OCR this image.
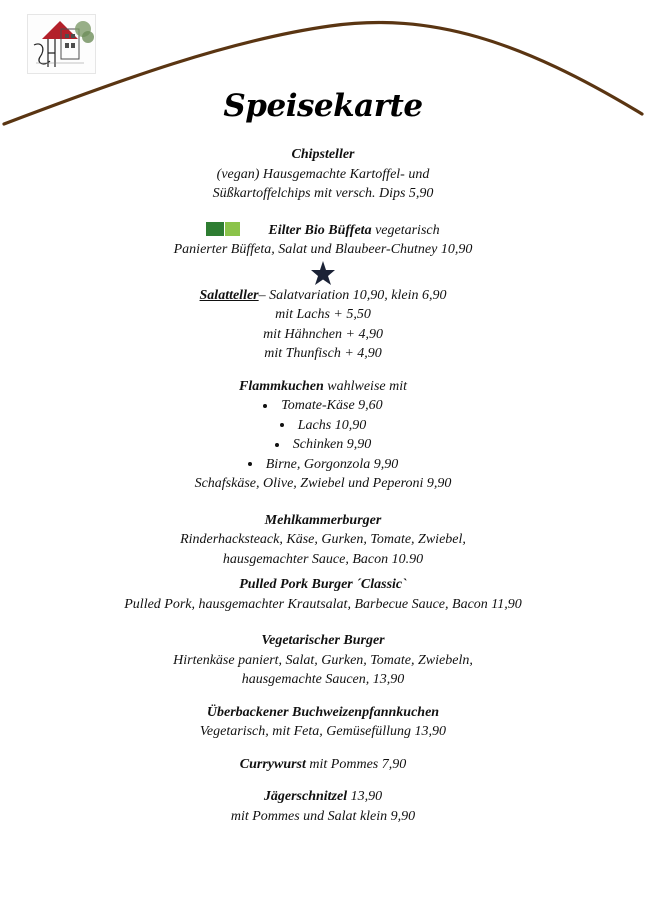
Speisekarte
Chipsteller
(vegan) Hausgemachte Kartoffel- und
Süßkartoffelchips mit versch. Dips 5,90
Eilter Bio Büffeta vegetarisch
Panierter Büffeta, Salat und Blaubeer-Chutney 10,90
Salatteller– Salatvariation 10,90, klein 6,90
mit Lachs + 5,50
mit Hähnchen + 4,90
mit Thunfisch + 4,90
Flammkuchen wahlweise mit
Tomate-Käse 9,60
Lachs 10,90
Schinken 9,90
Birne, Gorgonzola 9,90
Schafskäse, Olive, Zwiebel und Peperoni 9,90
Mehlkammerburger
Rinderhacksteack, Käse, Gurken, Tomate, Zwiebel,
hausgemachter Sauce, Bacon 10.90
Pulled Pork Burger ´Classic`
Pulled Pork, hausgemachter Krautsalat, Barbecue Sauce, Bacon 11,90
Vegetarischer Burger
Hirtenkäse paniert, Salat, Gurken, Tomate, Zwiebeln,
hausgemachte Saucen, 13,90
Überbackener Buchweizenpfannkuchen
Vegetarisch, mit Feta, Gemüsefüllung 13,90
Currywurst mit Pommes 7,90
Jägerschnitzel 13,90
mit Pommes und Salat klein 9,90
